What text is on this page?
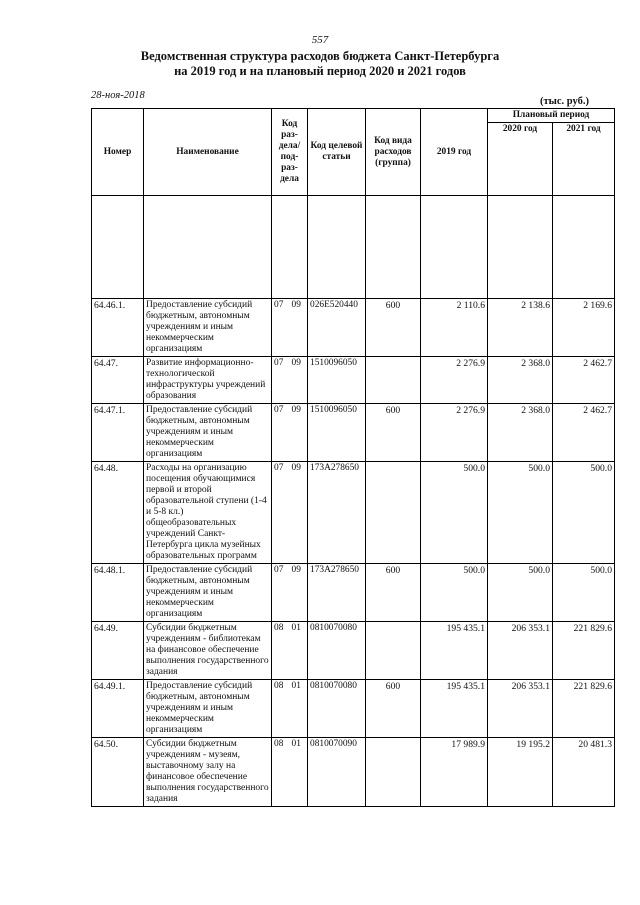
557
Ведомственная структура расходов бюджета Санкт-Петербурга
на 2019 год и на плановый период 2020 и 2021 годов
28-ноя-2018
(тыс. руб.)
Номер	Наименование	Код раз-дела/ под-раз-дела		Код целевой статьи	Код вида расходов (группа)	2019 год	Плановый период	
							2020 год	2021 год

64.46.1.	Предоставление субсидий бюджетным, автономным учреждениям и иным некоммерческим организациям	07	09	026E520440	600	2 110.6	2 138.6	2 169.6
64.47.	Развитие информационно-технологической инфраструктуры учреждений образования	07	09	1510096050		2 276.9	2 368.0	2 462.7
64.47.1.	Предоставление субсидий бюджетным, автономным учреждениям и иным некоммерческим организациям	07	09	1510096050	600	2 276.9	2 368.0	2 462.7
64.48.	Расходы на организацию посещения обучающимися первой и второй образовательной ступени (1-4 и 5-8 кл.) общеобразовательных учреждений Санкт-Петербурга цикла музейных образовательных программ	07	09	173A278650		500.0	500.0	500.0
64.48.1.	Предоставление субсидий бюджетным, автономным учреждениям и иным некоммерческим организациям	07	09	173A278650	600	500.0	500.0	500.0
64.49.	Субсидии бюджетным учреждениям - библиотекам на финансовое обеспечение выполнения государственного задания	08	01	0810070080		195 435.1	206 353.1	221 829.6
64.49.1.	Предоставление субсидий бюджетным, автономным учреждениям и иным некоммерческим организациям	08	01	0810070080	600	195 435.1	206 353.1	221 829.6
64.50.	Субсидии бюджетным учреждениям - музеям, выставочному залу на финансовое обеспечение выполнения государственного задания	08	01	0810070090		17 989.9	19 195.2	20 481.3
